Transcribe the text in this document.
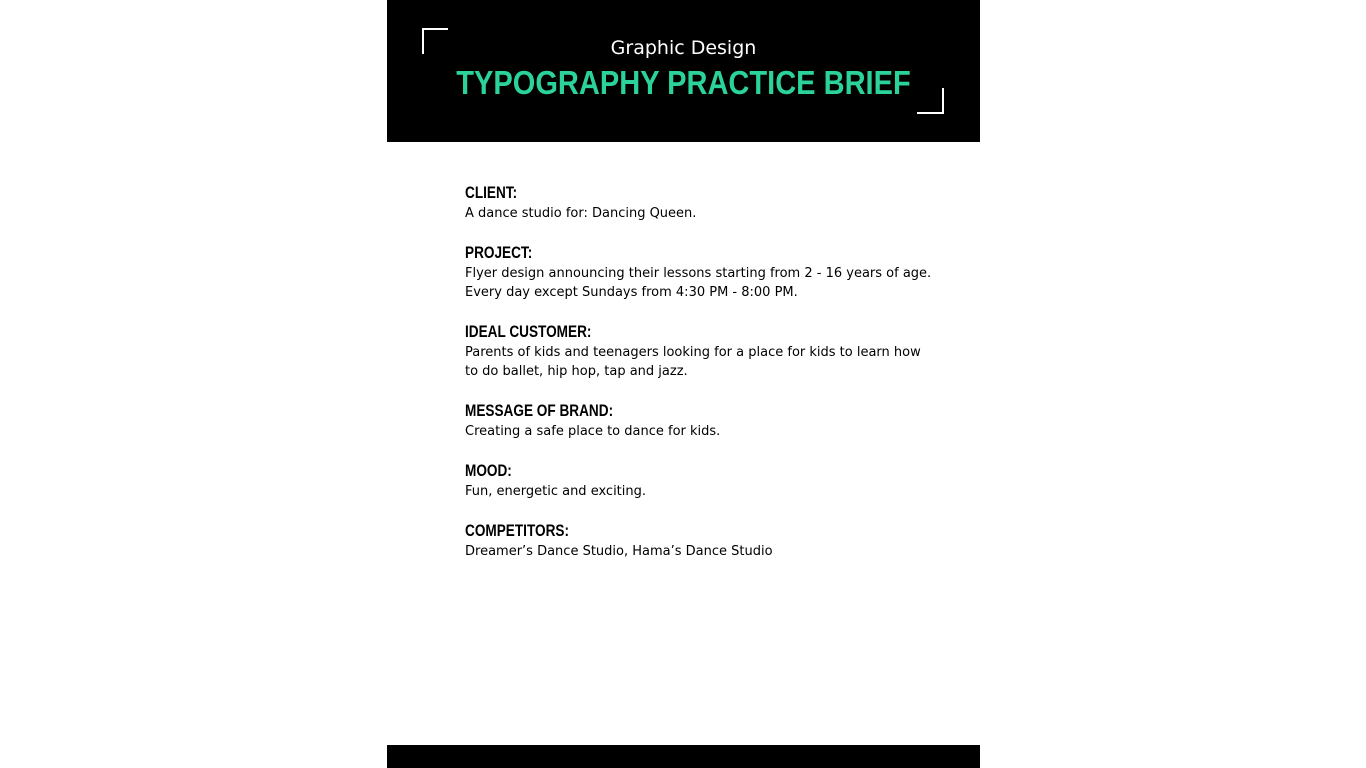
Graphic Design
TYPOGRAPHY PRACTICE BRIEF
CLIENT:
A dance studio for: Dancing Queen.
PROJECT:
Flyer design announcing their lessons starting from 2 - 16 years of age.
Every day except Sundays from 4:30 PM - 8:00 PM.
IDEAL CUSTOMER:
Parents of kids and teenagers looking for a place for kids to learn how
to do ballet, hip hop, tap and jazz.
MESSAGE OF BRAND:
Creating a safe place to dance for kids.
MOOD:
Fun, energetic and exciting.
COMPETITORS:
Dreamer’s Dance Studio, Hama’s Dance Studio
